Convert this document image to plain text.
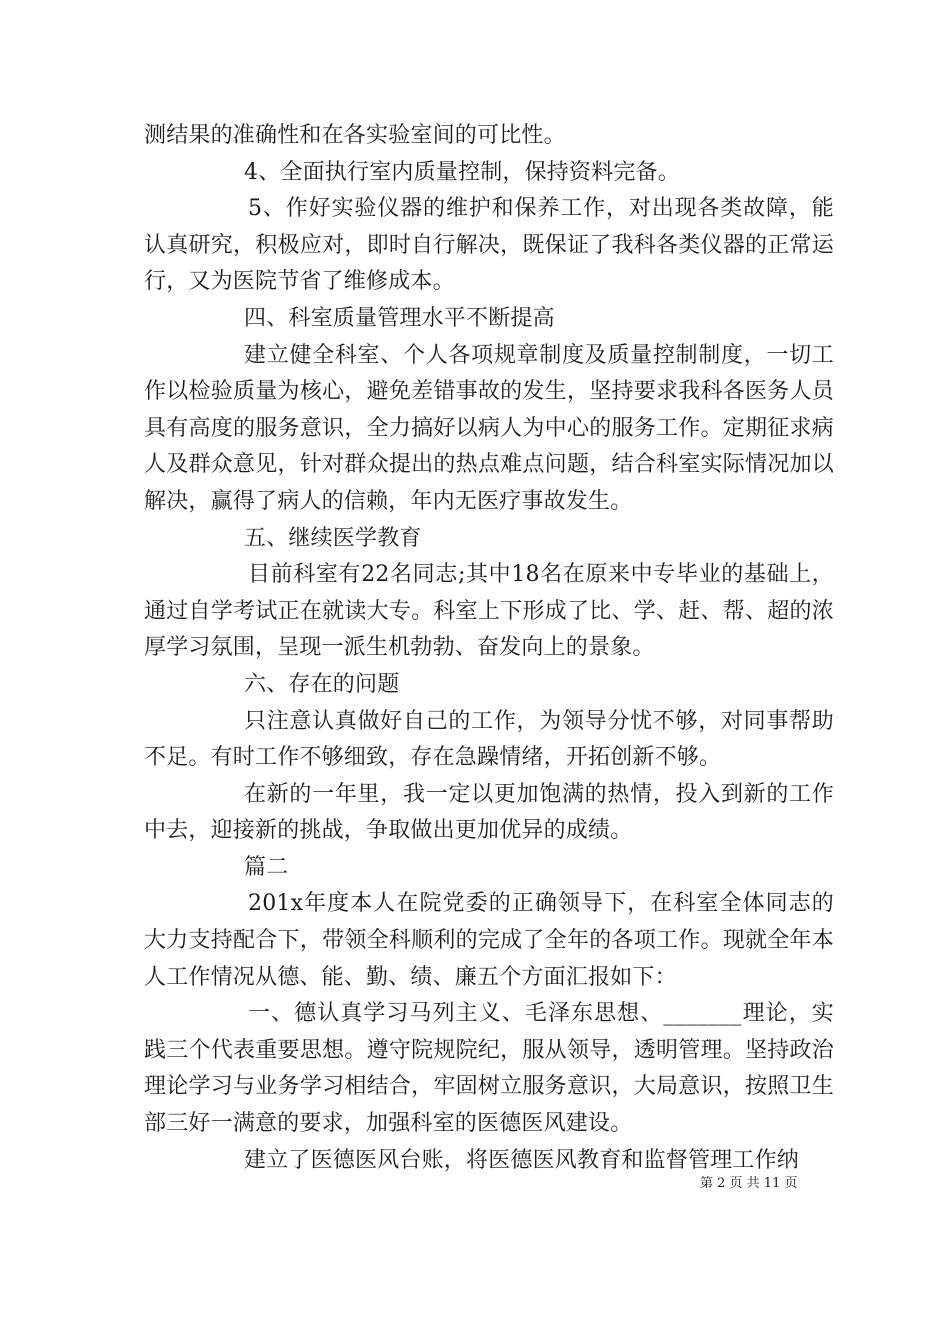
测结果的准确性和在各实验室间的可比性。

4、全面执行室内质量控制，保持资料完备。

5、作好实验仪器的维护和保养工作，对出现各类故障，能认真研究，积极应对，即时自行解决，既保证了我科各类仪器的正常运行，又为医院节省了维修成本。

四、科室质量管理水平不断提高

建立健全科室、个人各项规章制度及质量控制制度，一切工作以检验质量为核心，避免差错事故的发生，坚持要求我科各医务人员具有高度的服务意识，全力搞好以病人为中心的服务工作。定期征求病人及群众意见，针对群众提出的热点难点问题，结合科室实际情况加以解决，赢得了病人的信赖，年内无医疗事故发生。

五、继续医学教育

目前科室有22名同志;其中18名在原来中专毕业的基础上，通过自学考试正在就读大专。科室上下形成了比、学、赶、帮、超的浓厚学习氛围，呈现一派生机勃勃、奋发向上的景象。

六、存在的问题

只注意认真做好自己的工作，为领导分忧不够，对同事帮助不足。有时工作不够细致，存在急躁情绪，开拓创新不够。

在新的一年里，我一定以更加饱满的热情，投入到新的工作中去，迎接新的挑战，争取做出更加优异的成绩。

篇二

201x年度本人在院党委的正确领导下，在科室全体同志的大力支持配合下，带领全科顺利的完成了全年的各项工作。现就全年本人工作情况从德、能、勤、绩、廉五个方面汇报如下：

一、德认真学习马列主义、毛泽东思想、_______理论，实践三个代表重要思想。遵守院规院纪，服从领导，透明管理。坚持政治理论学习与业务学习相结合，牢固树立服务意识，大局意识，按照卫生部三好一满意的要求，加强科室的医德医风建设。

建立了医德医风台账，将医德医风教育和监督管理工作纳

第 2 页 共 11 页
